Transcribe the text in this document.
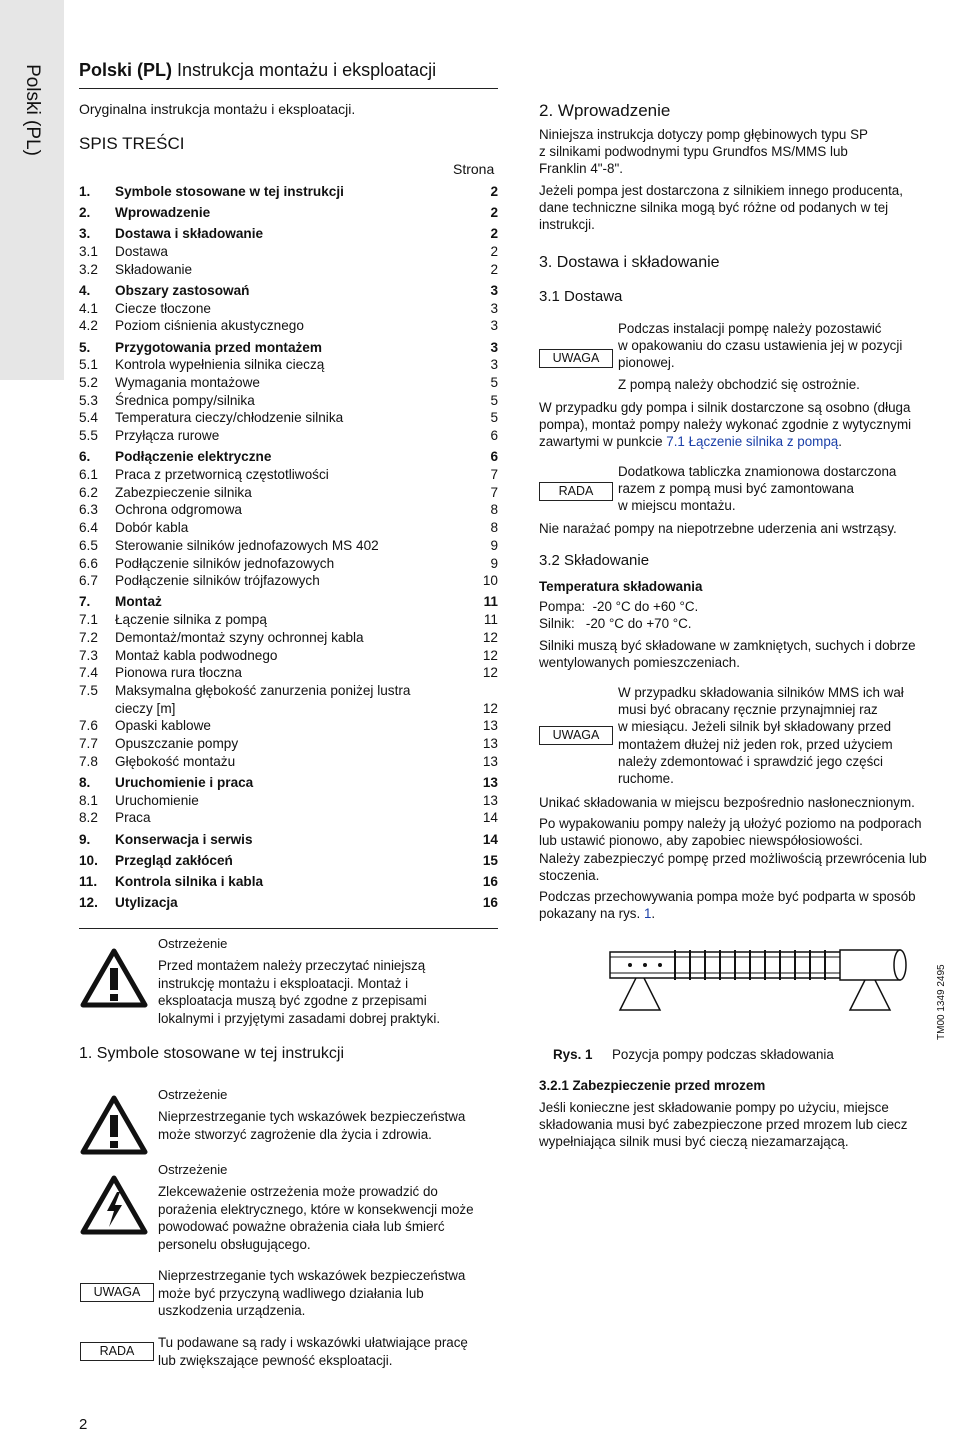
Polski (PL) Polski (PL) Instrukcja montażu i eksploatacji
Oryginalna instrukcja montażu i eksploatacji.
SPIS TREŚCI
Strona
1.	Symbole stosowane w tej instrukcji	2
2.	Wprowadzenie	2
3.	Dostawa i składowanie	2
3.1	Dostawa	2
3.2	Składowanie	2
4.	Obszary zastosowań	3
4.1	Ciecze tłoczone	3
4.2	Poziom ciśnienia akustycznego	3
5.	Przygotowania przed montażem	3
5.1	Kontrola wypełnienia silnika cieczą	3
5.2	Wymagania montażowe	5
5.3	Średnica pompy/silnika	5
5.4	Temperatura cieczy/chłodzenie silnika	5
5.5	Przyłącza rurowe	6
6.	Podłączenie elektryczne	6
6.1	Praca z przetwornicą częstotliwości	7
6.2	Zabezpieczenie silnika	7
6.3	Ochrona odgromowa	8
6.4	Dobór kabla	8
6.5	Sterowanie silników jednofazowych MS 402	9
6.6	Podłączenie silników jednofazowych	9
6.7	Podłączenie silników trójfazowych	10
7.	Montaż	11
7.1	Łączenie silnika z pompą	11
7.2	Demontaż/montaż szyny ochronnej kabla	12
7.3	Montaż kabla podwodnego	12
7.4	Pionowa rura tłoczna	12
7.5	Maksymalna głębokość zanurzenia poniżej lustra cieczy [m]	12
7.6	Opaski kablowe	13
7.7	Opuszczanie pompy	13
7.8	Głębokość montażu	13
8.	Uruchomienie i praca	13
8.1	Uruchomienie	13
8.2	Praca	14
9.	Konserwacja i serwis	14
10.	Przegląd zakłóceń	15
11.	Kontrola silnika i kabla	16
12.	Utylizacja	16
Ostrzeżenie
Przed montażem należy przeczytać niniejszą
instrukcję montażu i eksploatacji. Montaż i
eksploatacja muszą być zgodne z przepisami
lokalnymi i przyjętymi zasadami dobrej praktyki.
1. Symbole stosowane w tej instrukcji
Ostrzeżenie
Nieprzestrzeganie tych wskazówek bezpieczeństwa
może stworzyć zagrożenie dla życia i zdrowia.
Ostrzeżenie
Zlekceważenie ostrzeżenia może prowadzić do
porażenia elektrycznego, które w konsekwencji może
powodować poważne obrażenia ciała lub śmierć
personelu obsługującego.
UWAGA
Nieprzestrzeganie tych wskazówek bezpieczeństwa
może być przyczyną wadliwego działania lub
uszkodzenia urządzenia.
RADA
Tu podawane są rady i wskazówki ułatwiające pracę
lub zwiększające pewność eksploatacji.
2. Wprowadzenie
Niniejsza instrukcja dotyczy pomp głębinowych typu SP
z silnikami podwodnymi typu Grundfos MS/MMS lub
Franklin 4"-8".
Jeżeli pompa jest dostarczona z silnikiem innego producenta,
dane techniczne silnika mogą być różne od podanych w tej
instrukcji.
3. Dostawa i składowanie
3.1 Dostawa
UWAGA
Podczas instalacji pompę należy pozostawić
w opakowaniu do czasu ustawienia jej w pozycji
pionowej.
Z pompą należy obchodzić się ostrożnie.
W przypadku gdy pompa i silnik dostarczone są osobno (długa
pompa), montaż pompy należy wykonać zgodnie z wytycznymi
zawartymi w punkcie 7.1 Łączenie silnika z pompą.
RADA
Dodatkowa tabliczka znamionowa dostarczona
razem z pompą musi być zamontowana
w miejscu montażu.
Nie narażać pompy na niepotrzebne uderzenia ani wstrząsy.
3.2 Składowanie
Temperatura składowania
Pompa:  -20 °C do +60 °C.
Silnik:   -20 °C do +70 °C.
Silniki muszą być składowane w zamkniętych, suchych i dobrze
wentylowanych pomieszczeniach.
UWAGA
W przypadku składowania silników MMS ich wał
musi być obracany ręcznie przynajmniej raz
w miesiącu. Jeżeli silnik był składowany przed
montażem dłużej niż jeden rok, przed użyciem
należy zdemontować i sprawdzić jego części
ruchome.
Unikać składowania w miejscu bezpośrednio nasłonecznionym.
Po wypakowaniu pompy należy ją ułożyć poziomo na podporach
lub ustawić pionowo, aby zapobiec niewspółosiowości.
Należy zabezpieczyć pompę przed możliwością przewrócenia lub
stoczenia.
Podczas przechowywania pompa może być podparta w sposób
pokazany na rys. 1.
TM00 1349 2495
Rys. 1 Pozycja pompy podczas składowania
3.2.1 Zabezpieczenie przed mrozem
Jeśli konieczne jest składowanie pompy po użyciu, miejsce
składowania musi być zabezpieczone przed mrozem lub ciecz
wypełniająca silnik musi być cieczą niezamarzającą.
2
